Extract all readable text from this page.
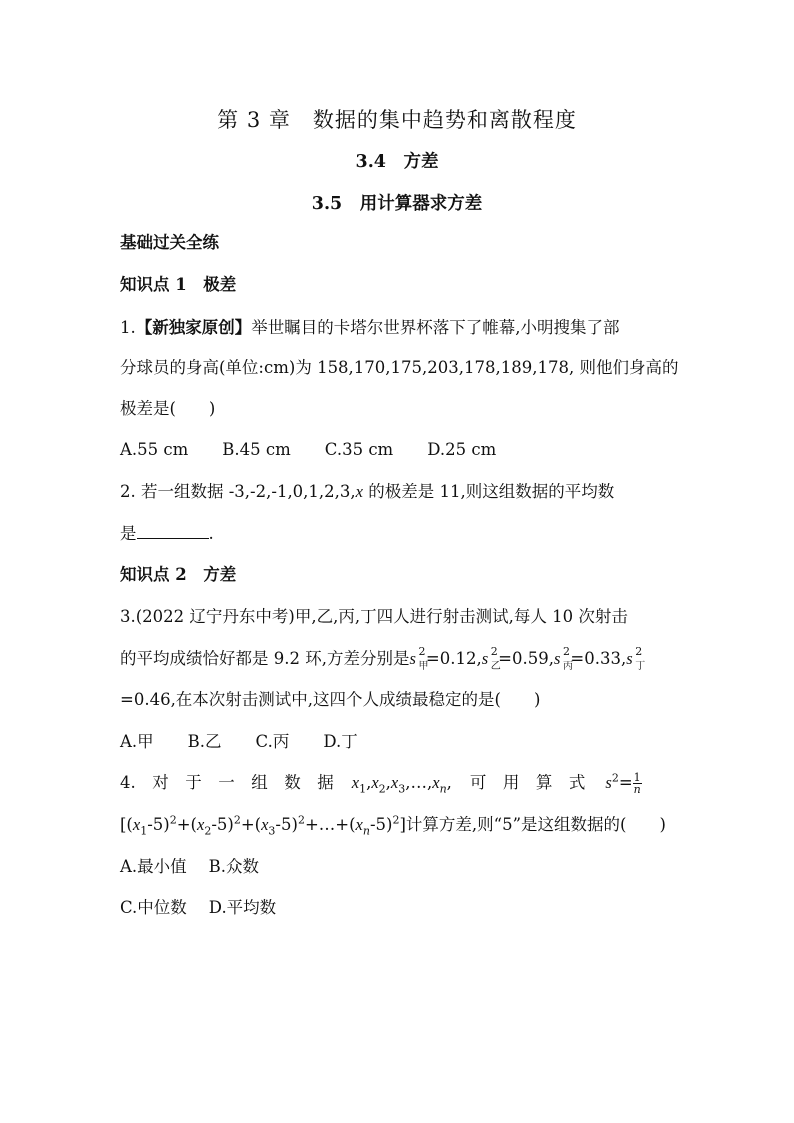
第 3 章　数据的集中趋势和离散程度
3.4　方差
3.5　用计算器求方差
基础过关全练
知识点 1　极差
1.【新独家原创】举世瞩目的卡塔尔世界杯落下了帷幕,小明搜集了部
分球员的身高(单位:cm)为 158,170,175,203,178,189,178, 则他们身高的
极差是(　　)
A.55 cm B.45 cm C.35 cm D.25 cm
2. 若一组数据 -3,-2,-1,0,1,2,3,x 的极差是 11,则这组数据的平均数
是	.
知识点 2　方差
3.(2022 辽宁丹东中考)甲,乙,丙,丁四人进行射击测试,每人 10 次射击
的平均成绩恰好都是 9.2 环,方差分别是s 2
甲
=0.12,s 2
乙
=0.59,s 2
丙
=0.33,s 2
丁
=0.46,在本次射击测试中,这四个人成绩最稳定的是(　　)
A.甲 B.乙 C.丙 D.丁
4.　对　于　一　组　数　据 $x_1,x_2,x_3,\dots,x_n$, 可　用　算　式 $s^2= \frac{1}{n}$
$[(x_1-5)^2+(x_2-5)^2+(x_3-5)^2+\dots+(x_n-5)^2]$计算方差,则“5”是这组数据的(　　)
A.最小值 B.众数
C.中位数 D.平均数
